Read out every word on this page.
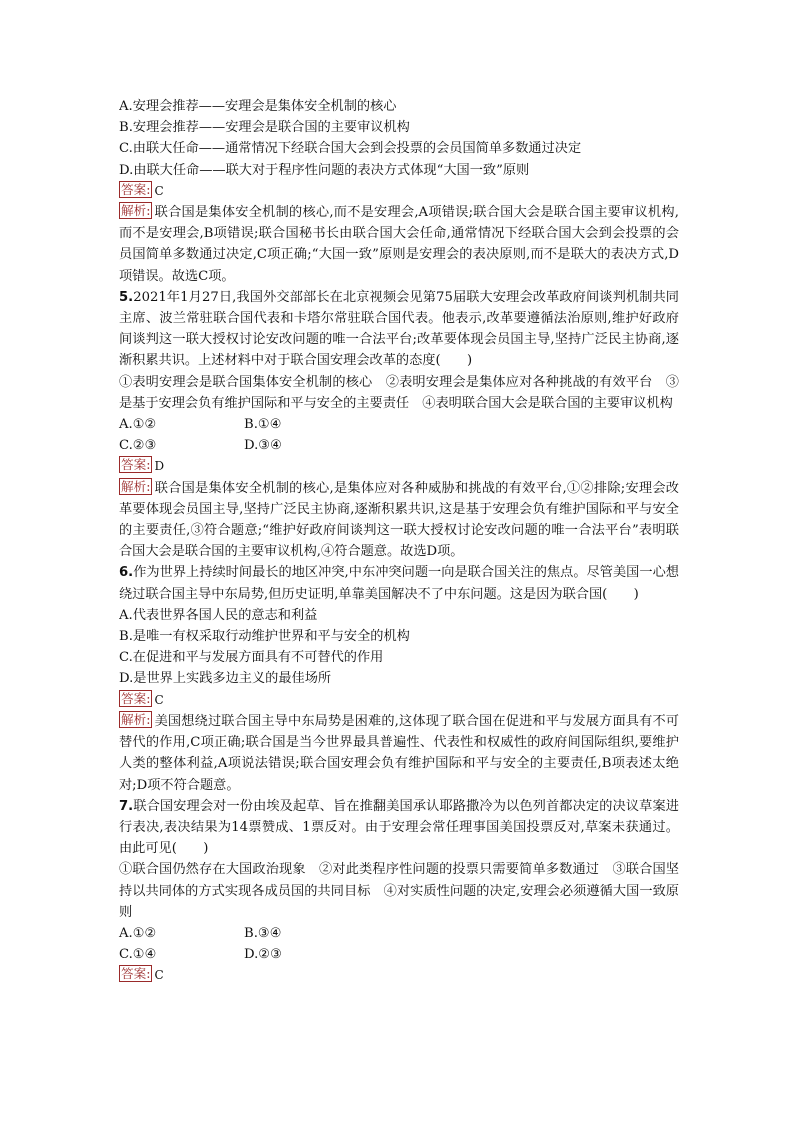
A.安理会推荐——安理会是集体安全机制的核心
B.安理会推荐——安理会是联合国的主要审议机构
C.由联大任命——通常情况下经联合国大会到会投票的会员国简单多数通过决定
D.由联大任命——联大对于程序性问题的表决方式体现“大国一致”原则
答案: C
解析: 联合国是集体安全机制的核心,而不是安理会,A项错误;联合国大会是联合国主要审议机构,而不是安理会,B项错误;联合国秘书长由联合国大会任命,通常情况下经联合国大会到会投票的会员国简单多数通过决定,C项正确;“大国一致”原则是安理会的表决原则,而不是联大的表决方式,D项错误。故选C项。
5.2021年1月27日,我国外交部部长在北京视频会见第75届联大安理会改革政府间谈判机制共同主席、波兰常驻联合国代表和卡塔尔常驻联合国代表。他表示,改革要遵循法治原则,维护好政府间谈判这一联大授权讨论安改问题的唯一合法平台;改革要体现会员国主导,坚持广泛民主协商,逐渐积累共识。上述材料中对于联合国安理会改革的态度(　　)
①表明安理会是联合国集体安全机制的核心　②表明安理会是集体应对各种挑战的有效平台　③是基于安理会负有维护国际和平与安全的主要责任　④表明联合国大会是联合国的主要审议机构
A.①②	B.①④
C.②③	D.③④
答案: D
解析: 联合国是集体安全机制的核心,是集体应对各种威胁和挑战的有效平台,①②排除;安理会改革要体现会员国主导,坚持广泛民主协商,逐渐积累共识,这是基于安理会负有维护国际和平与安全的主要责任,③符合题意;“维护好政府间谈判这一联大授权讨论安改问题的唯一合法平台”表明联合国大会是联合国的主要审议机构,④符合题意。故选D项。
6.作为世界上持续时间最长的地区冲突,中东冲突问题一向是联合国关注的焦点。尽管美国一心想绕过联合国主导中东局势,但历史证明,单靠美国解决不了中东问题。这是因为联合国(　　)
A.代表世界各国人民的意志和利益
B.是唯一有权采取行动维护世界和平与安全的机构
C.在促进和平与发展方面具有不可替代的作用
D.是世界上实践多边主义的最佳场所
答案: C
解析: 美国想绕过联合国主导中东局势是困难的,这体现了联合国在促进和平与发展方面具有不可替代的作用,C项正确;联合国是当今世界最具普遍性、代表性和权威性的政府间国际组织,要维护人类的整体利益,A项说法错误;联合国安理会负有维护国际和平与安全的主要责任,B项表述太绝对;D项不符合题意。
7.联合国安理会对一份由埃及起草、旨在推翻美国承认耶路撒冷为以色列首都决定的决议草案进行表决,表决结果为14票赞成、1票反对。由于安理会常任理事国美国投票反对,草案未获通过。由此可见(　　)
①联合国仍然存在大国政治现象　②对此类程序性问题的投票只需要简单多数通过　③联合国坚持以共同体的方式实现各成员国的共同目标　④对实质性问题的决定,安理会必须遵循大国一致原则
A.①②	B.③④
C.①④	D.②③
答案: C
